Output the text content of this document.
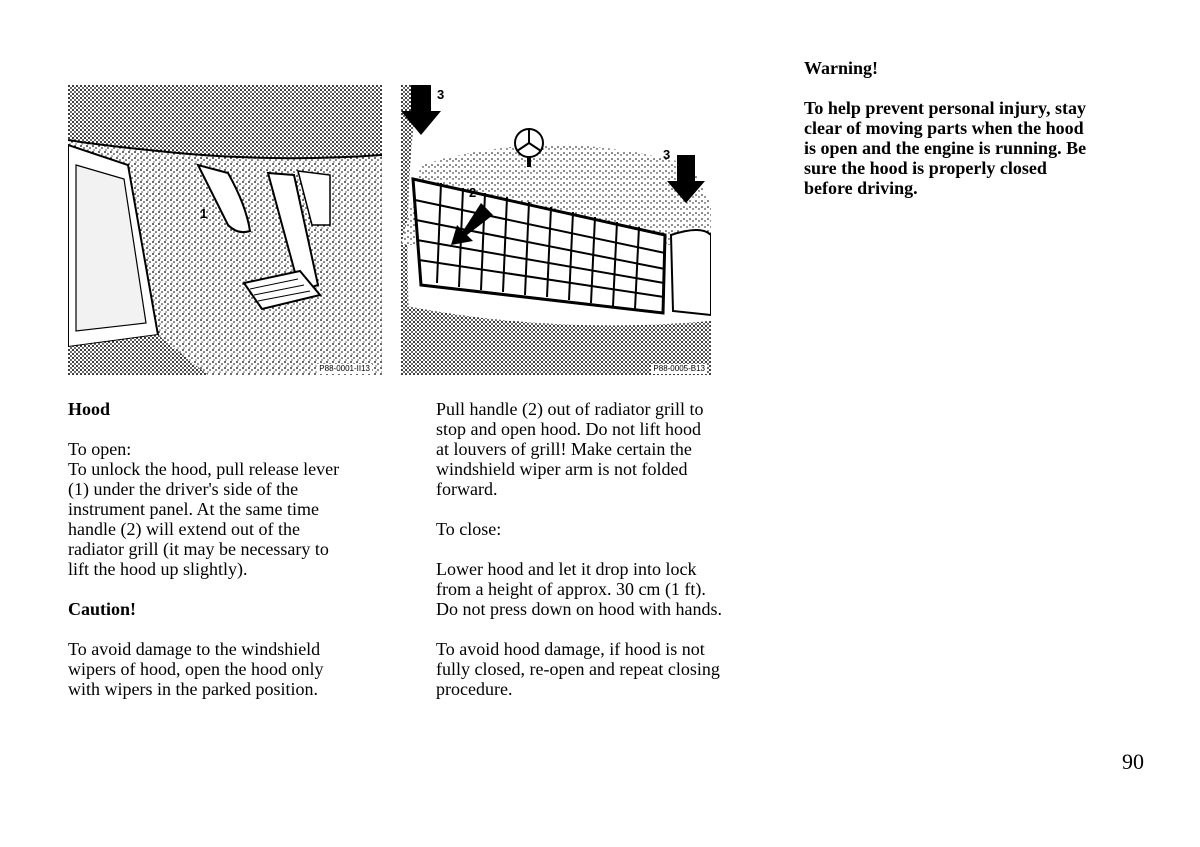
1
P88-0001-II13
3
2
3
P88-0005-B13

Hood

To open:

To unlock the hood, pull release lever

(1) under the driver's side of the

instrument panel. At the same time

handle (2) will extend out of the

radiator grill (it may be necessary to

lift the hood up slightly).

Caution!

To avoid damage to the windshield

wipers of hood, open the hood only

with wipers in the parked position.

Pull handle (2) out of radiator grill to

stop and open hood. Do not lift hood

at louvers of grill! Make certain the

windshield wiper arm is not folded

forward.

To close:

Lower hood and let it drop into lock

from a height of approx. 30 cm (1 ft).

Do not press down on hood with hands.

To avoid hood damage, if hood is not

fully closed, re-open and repeat closing

procedure.

Warning!

To help prevent personal injury, stay

clear of moving parts when the hood

is open and the engine is running. Be

sure the hood is properly closed

before driving.

90
